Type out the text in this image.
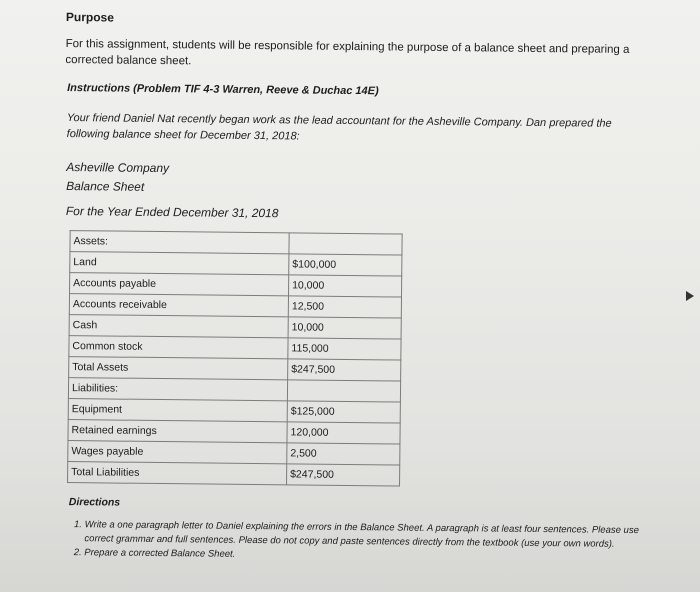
Purpose

For this assignment, students will be responsible for explaining the purpose of a balance sheet and preparing a corrected balance sheet.

Instructions (Problem TIF 4-3 Warren, Reeve & Duchac 14E)

Your friend Daniel Nat recently began work as the lead accountant for the Asheville Company. Dan prepared the following balance sheet for December 31, 2018:

Asheville Company
Balance Sheet
For the Year Ended December 31, 2018
Assets:	
Land	$100,000
Accounts payable	10,000
Accounts receivable	12,500
Cash	10,000
Common stock	115,000
Total Assets	$247,500
Liabilities:	
Equipment	$125,000
Retained earnings	120,000
Wages payable	2,500
Total Liabilities	$247,500
Directions
1. Write a one paragraph letter to Daniel explaining the errors in the Balance Sheet. A paragraph is at least four sentences. Please use correct grammar and full sentences. Please do not copy and paste sentences directly from the textbook (use your own words).
2. Prepare a corrected Balance Sheet.
